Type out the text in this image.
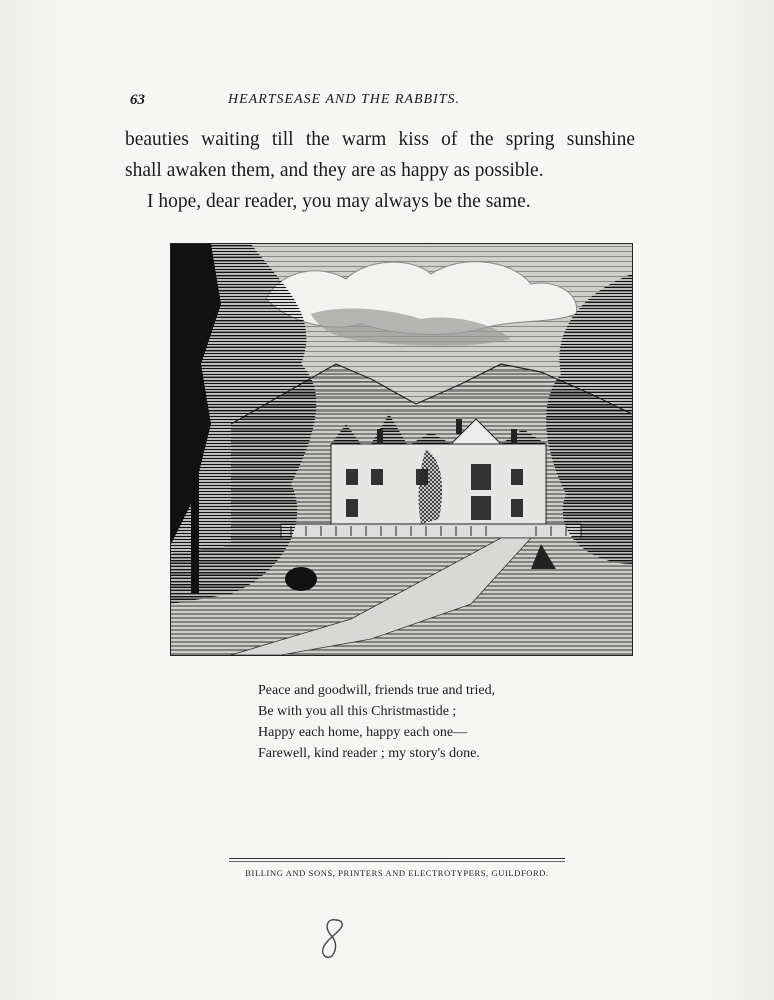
63	HEARTSEASE AND THE RABBITS.

beauties waiting till the warm kiss of the spring sunshine

shall awaken them, and they are as happy as possible.

I hope, dear reader, you may always be the same.

Peace and goodwill, friends true and tried,

Be with you all this Christmastide ;

Happy each home, happy each one—

Farewell, kind reader ; my story's done.

BILLING AND SONS, PRINTERS AND ELECTROTYPERS, GUILDFORD.
